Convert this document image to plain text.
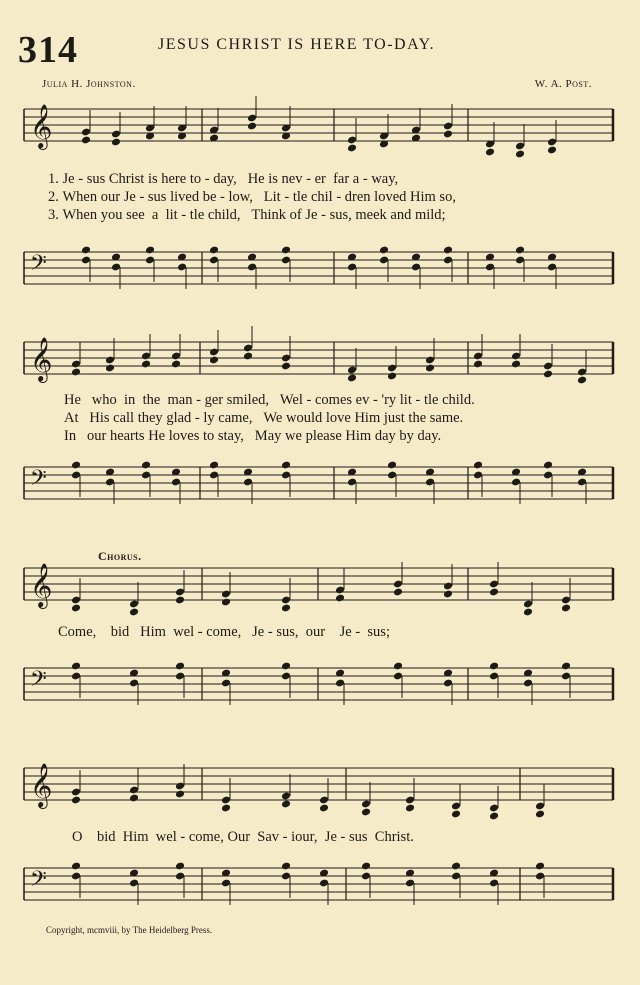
314	JESUS CHRIST IS HERE TO-DAY.
Julia H. Johnston.	W. A. Post.
𝄞
𝄢
𝄞
𝄢
𝄞
𝄢
𝄞
𝄢
1. Je - sus Christ is here to - day, He is nev - er far a - way,
2. When our Je - sus lived be - low, Lit - tle chil - dren loved Him so,
3. When you see a lit - tle child, Think of Je - sus, meek and mild;
He who in the man - ger smiled, Wel - comes ev - 'ry lit - tle child.
At His call they glad - ly came, We would love Him just the same.
In our hearts He loves to stay, May we please Him day by day.
Chorus.
Come, bid Him wel - come, Je - sus, our Je - sus;
O bid Him wel - come, Our Sav - iour, Je - sus Christ.
Copyright, mcmviii, by The Heidelberg Press.
